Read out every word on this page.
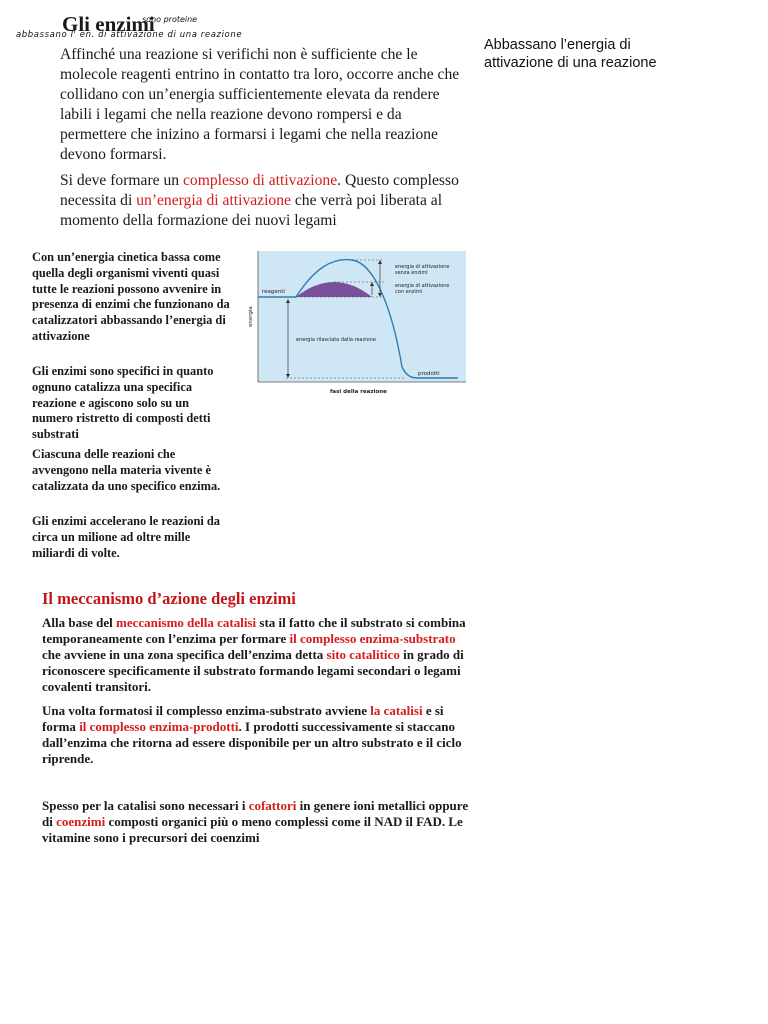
Gli enzimi
sono proteine
abbassano l' en. di attivazione di una reazione
Affinché una reazione si verifichi non è sufficiente che le molecole reagenti entrino in contatto tra loro, occorre anche che collidano con un’energia sufficientemente elevata da rendere labili i legami che nella reazione devono rompersi e da permettere che inizino a formarsi i legami che nella reazione devono formarsi.
Si deve formare un complesso di attivazione. Questo complesso necessita di un’energia di attivazione che verrà poi liberata al momento della formazione dei nuovi legami
Abbassano l’energia di attivazione di una reazione
Con un’energia cinetica bassa come quella degli organismi viventi quasi tutte le reazioni possono avvenire in presenza di enzimi che funzionano da catalizzatori abbassando l’energia di attivazione
Gli enzimi sono specifici in quanto ognuno catalizza una specifica reazione e agiscono solo su un numero ristretto di composti detti substrati
Ciascuna delle reazioni che avvengono nella materia vivente è catalizzata da uno specifico enzima.
Gli enzimi accelerano le reazioni da circa un milione ad oltre mille miliardi di volte.
reagenti
energia
energia di attivazione
senza enzimi
energia di attivazione
con enzimi
energia rilasciata dalla reazione
prodotti
fasi della reazione
Il meccanismo d’azione degli enzimi
Alla base del meccanismo della catalisi sta il fatto che il substrato si combina temporaneamente con l’enzima per formare il complesso enzima-substrato che avviene in una zona specifica dell’enzima detta sito catalitico in grado di riconoscere specificamente il substrato formando legami secondari o legami covalenti transitori.
Una volta formatosi il complesso enzima-substrato avviene la catalisi e si forma il complesso enzima-prodotti. I prodotti successivamente si staccano dall’enzima che ritorna ad essere disponibile per un altro substrato e il ciclo riprende.
Spesso per la catalisi sono necessari i cofattori in genere ioni metallici oppure di coenzimi composti organici più o meno complessi come il NAD il FAD. Le vitamine sono i precursori dei coenzimi
